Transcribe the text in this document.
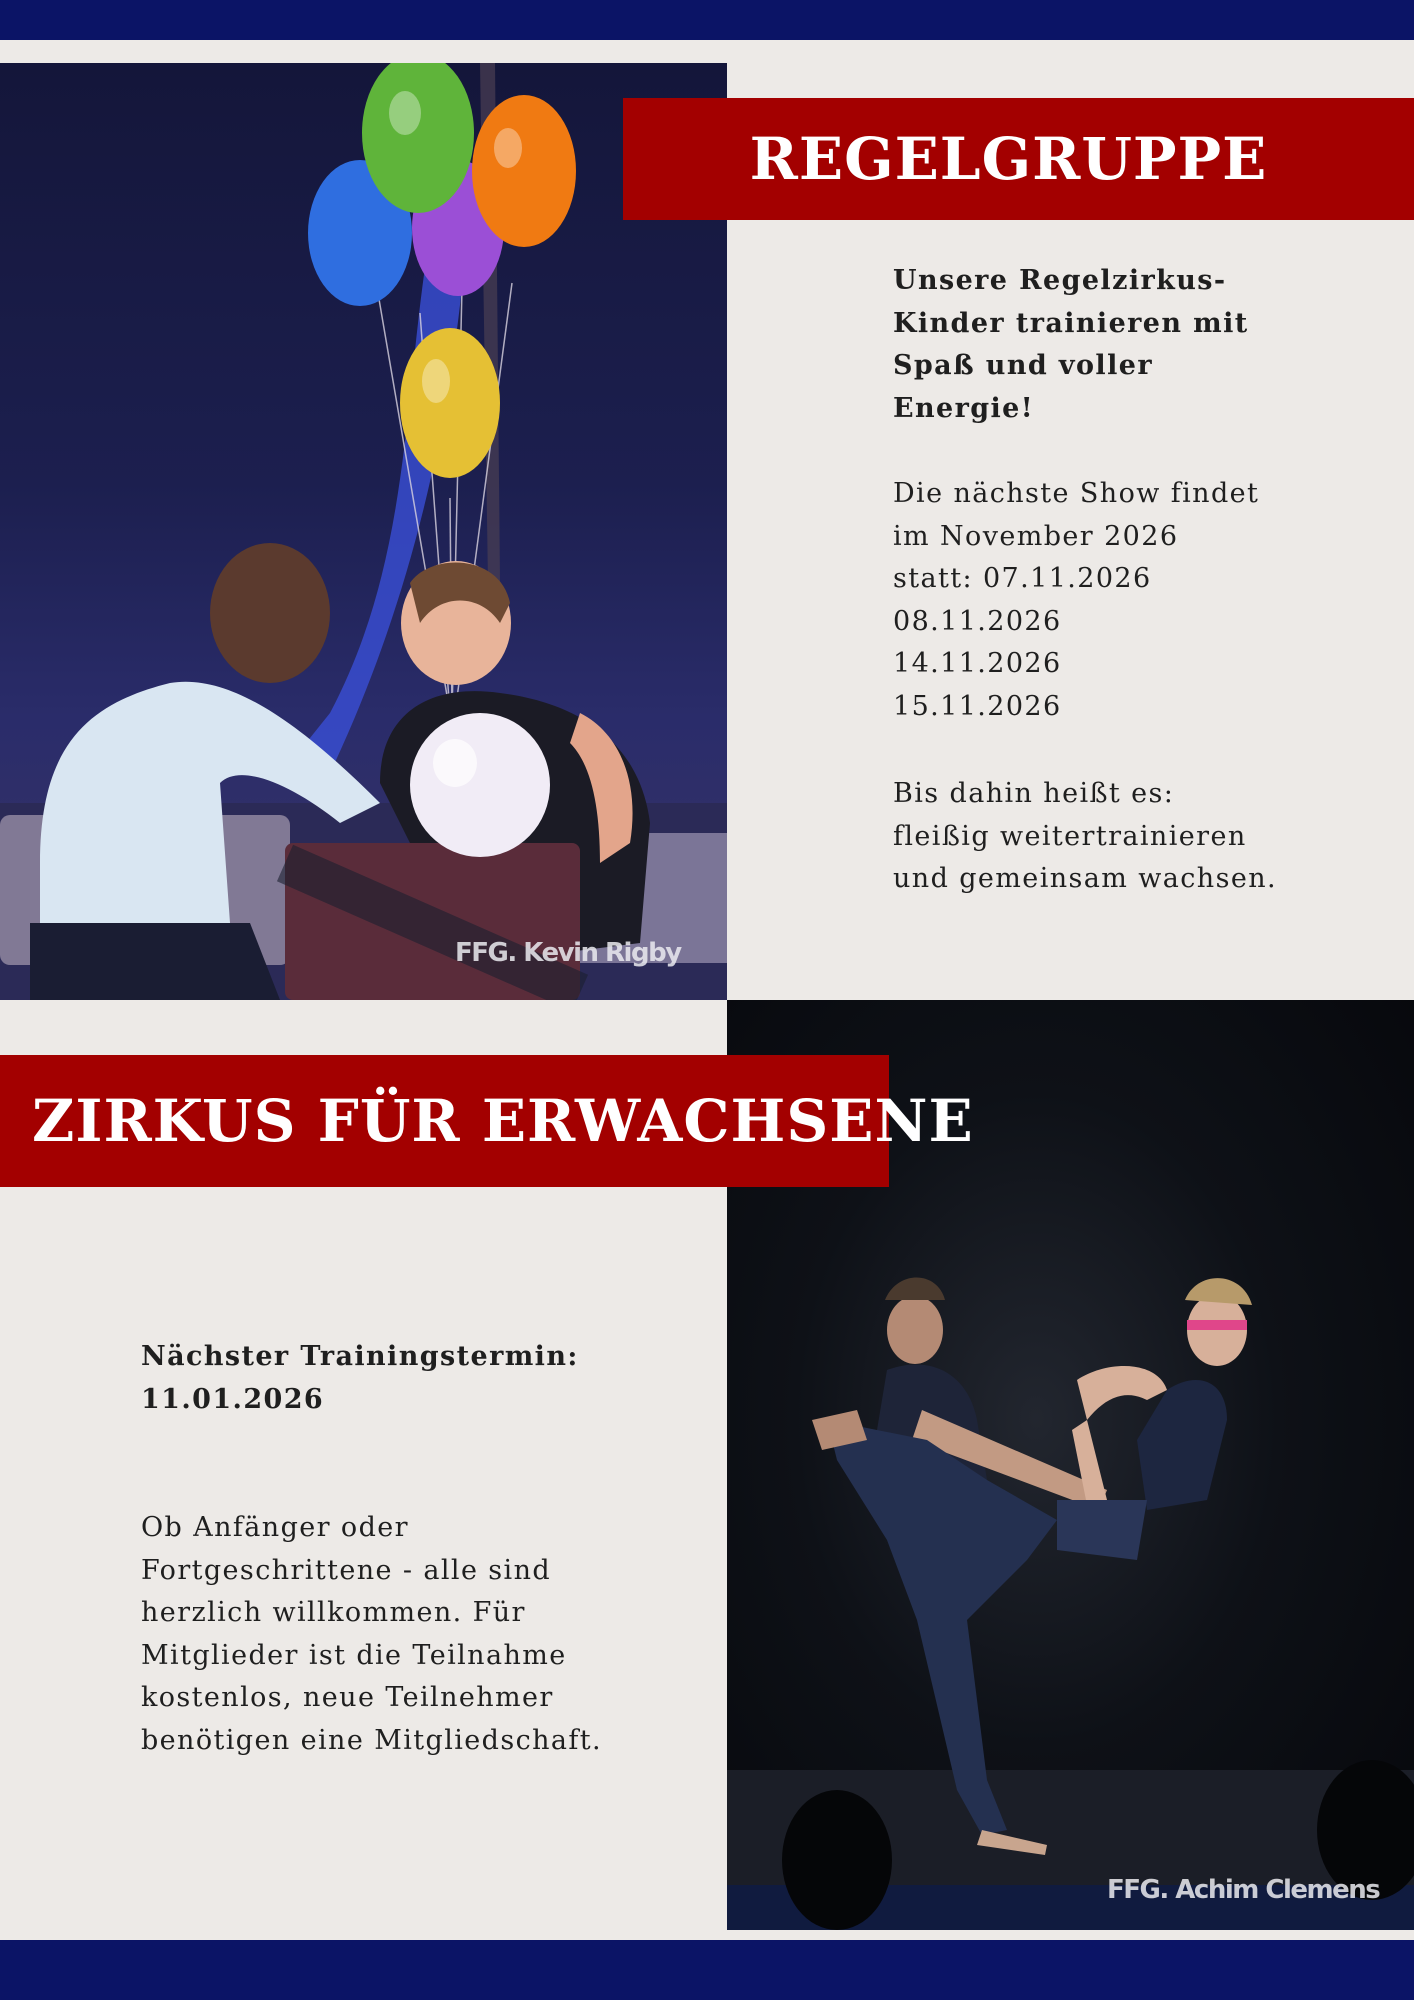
FFG. Kevin Rigby
REGELGRUPPE
Unsere Regelzirkus-
Kinder trainieren mit
Spaß und voller
Energie!
Die nächste Show findet
im November 2026
statt: 07.11.2026
08.11.2026
14.11.2026
15.11.2026
Bis dahin heißt es:
fleißig weitertrainieren
und gemeinsam wachsen.
FFG. Achim Clemens
ZIRKUS FÜR ERWACHSENE
Nächster Trainingstermin:
11.01.2026
Ob Anfänger oder
Fortgeschrittene - alle sind
herzlich willkommen. Für
Mitglieder ist die Teilnahme
kostenlos, neue Teilnehmer
benötigen eine Mitgliedschaft.
